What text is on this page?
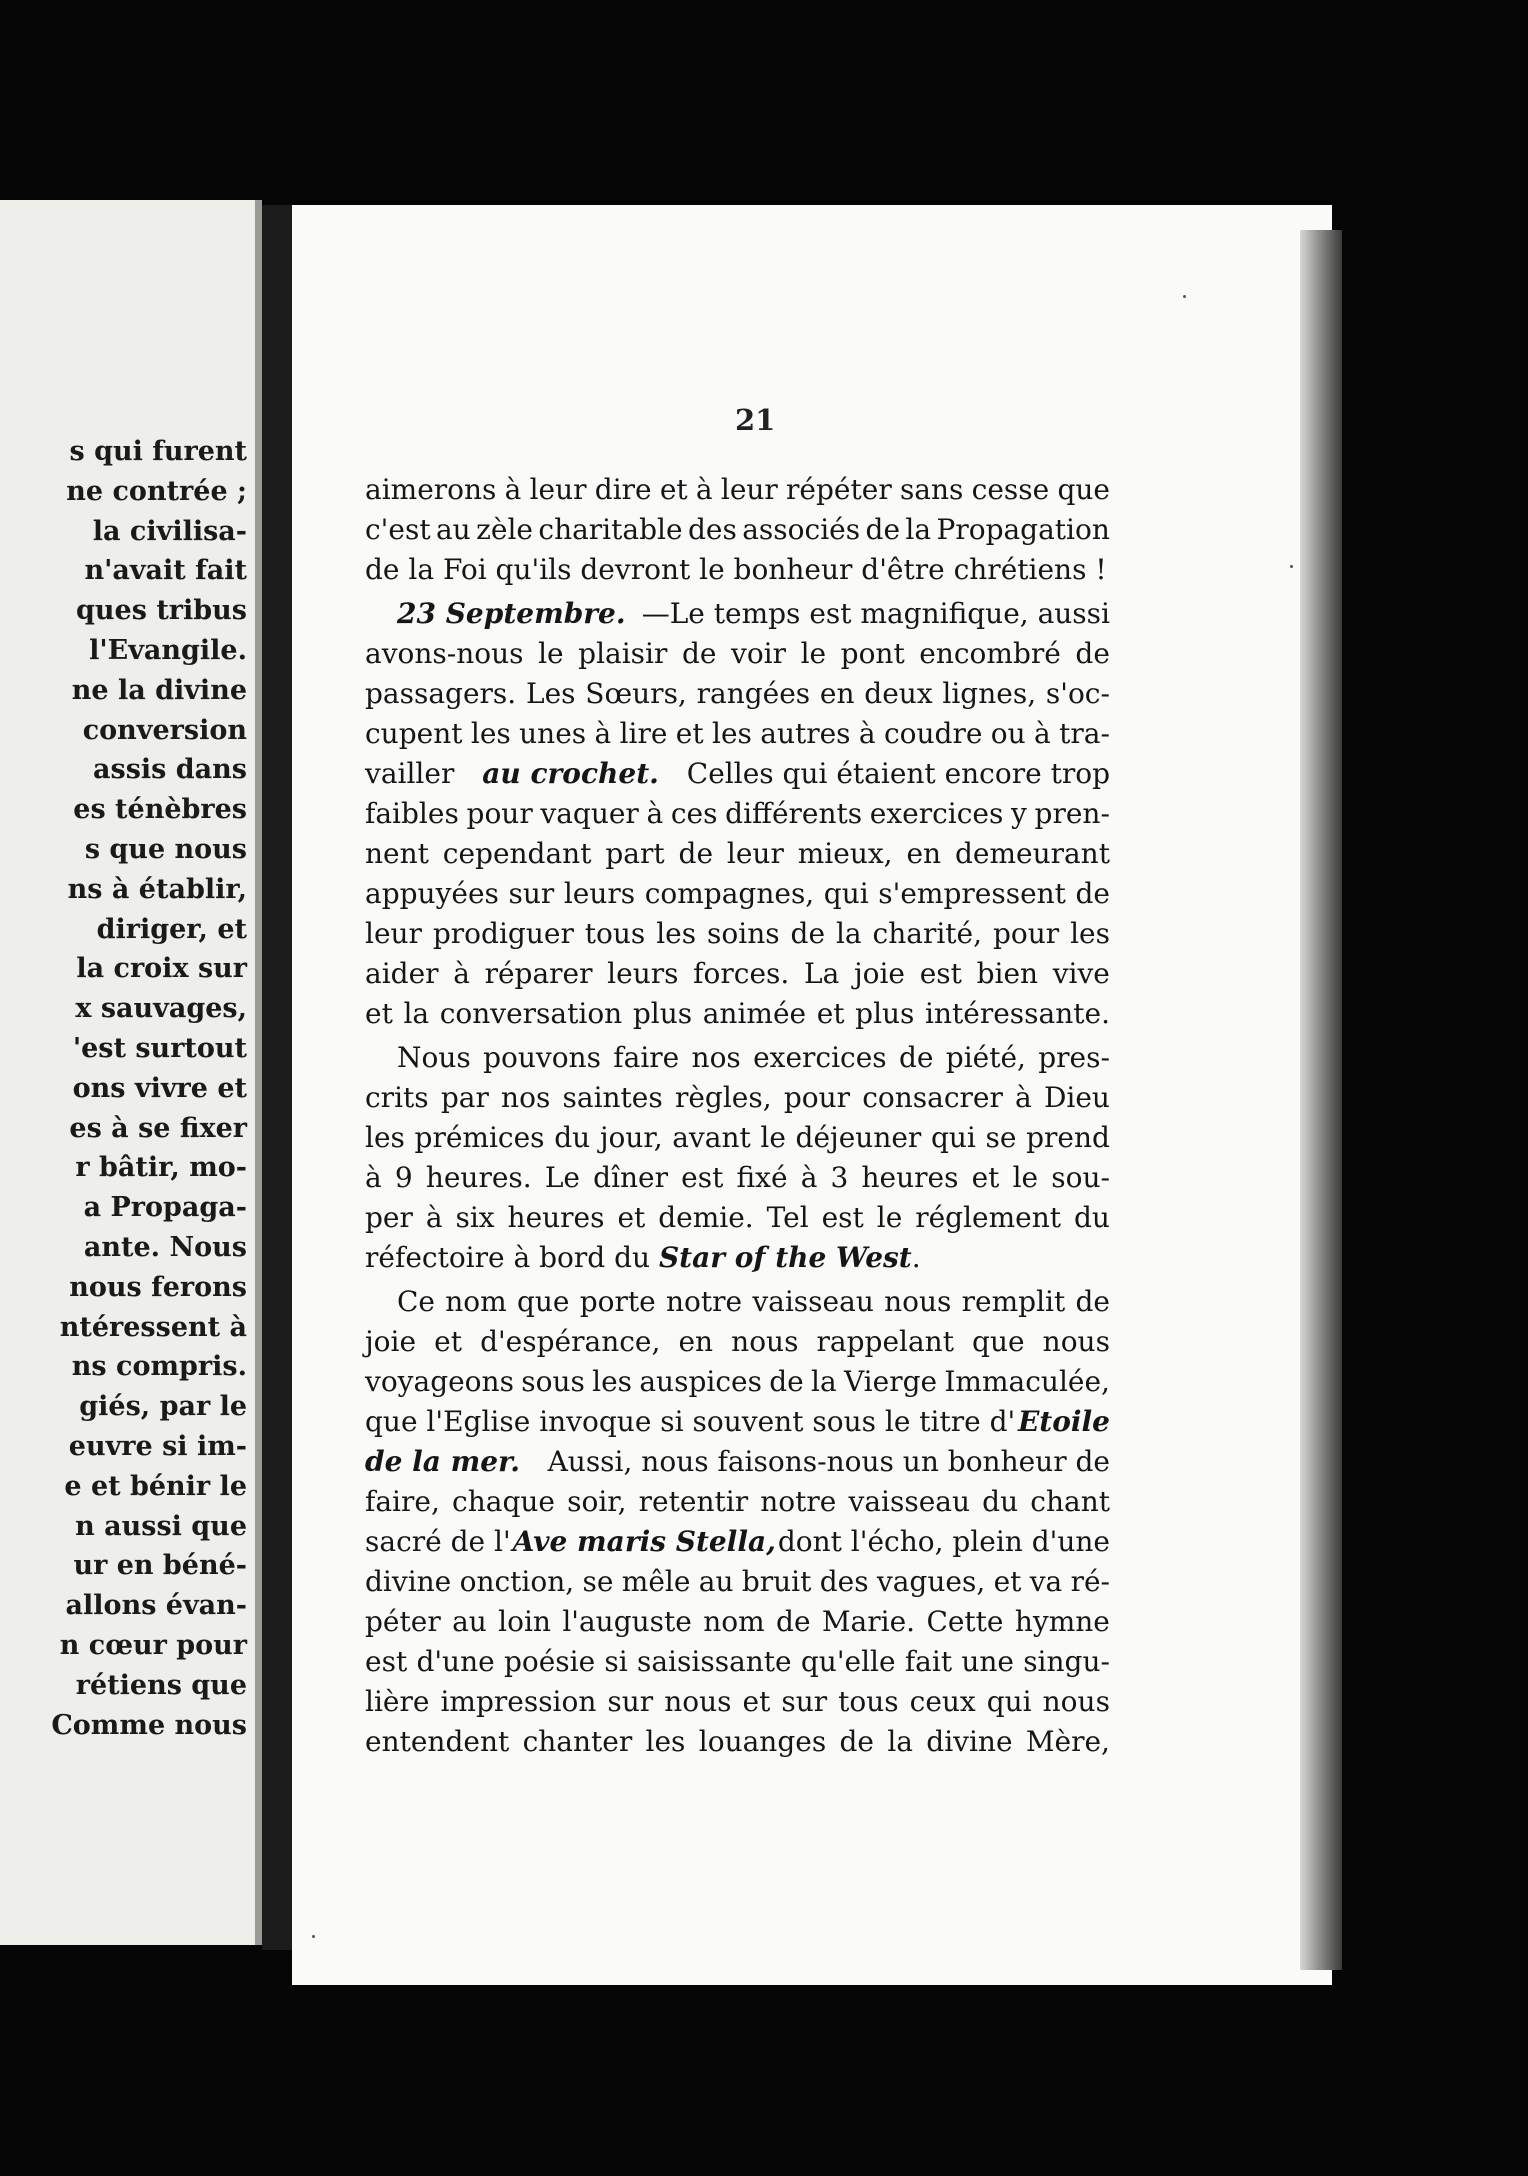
s qui furent
ne contrée ;
la civilisa-
n'avait fait
ques tribus
l'Evangile.
ne la divine
conversion
assis dans
es ténèbres
s que nous
ns à établir,
diriger, et
la croix sur
x sauvages,
'est surtout
ons vivre et
es à se fixer
r bâtir, mo-
a Propaga-
ante. Nous
nous ferons
ntéressent à
ns compris.
giés, par le
euvre si im-
e et bénir le
n aussi que
ur en béné-
allons évan-
n cœur pour
rétiens que
Comme nous
21
aimerons à leur dire et à leur répéter sans cesse que
c'est au zèle charitable des associés de la Propagation
de la Foi qu'ils devront le bonheur d'être chrétiens !
23 Septembre. —Le temps est magnifique, aussi
avons-nous le plaisir de voir le pont encombré de
passagers. Les Sœurs, rangées en deux lignes, s'oc-
cupent les unes à lire et les autres à coudre ou à tra-
vailler au crochet. Celles qui étaient encore trop
faibles pour vaquer à ces différents exercices y pren-
nent cependant part de leur mieux, en demeurant
appuyées sur leurs compagnes, qui s'empressent de
leur prodiguer tous les soins de la charité, pour les
aider à réparer leurs forces. La joie est bien vive
et la conversation plus animée et plus intéressante.
Nous pouvons faire nos exercices de piété, pres-
crits par nos saintes règles, pour consacrer à Dieu
les prémices du jour, avant le déjeuner qui se prend
à 9 heures. Le dîner est fixé à 3 heures et le sou-
per à six heures et demie. Tel est le réglement du
réfectoire à bord du
Star of the West .
Ce nom que porte notre vaisseau nous remplit de
joie et d'espérance, en nous rappelant que nous
voyageons sous les auspices de la Vierge Immaculée,
que l'Eglise invoque si souvent sous le titre d' Etoile
de la mer. Aussi, nous faisons-nous un bonheur de
faire, chaque soir, retentir notre vaisseau du chant
sacré de l' Ave maris Stella, dont l'écho, plein d'une
divine onction, se mêle au bruit des vagues, et va ré-
péter au loin l'auguste nom de Marie. Cette hymne
est d'une poésie si saisissante qu'elle fait une singu-
lière impression sur nous et sur tous ceux qui nous
entendent chanter les louanges de la divine Mère,
